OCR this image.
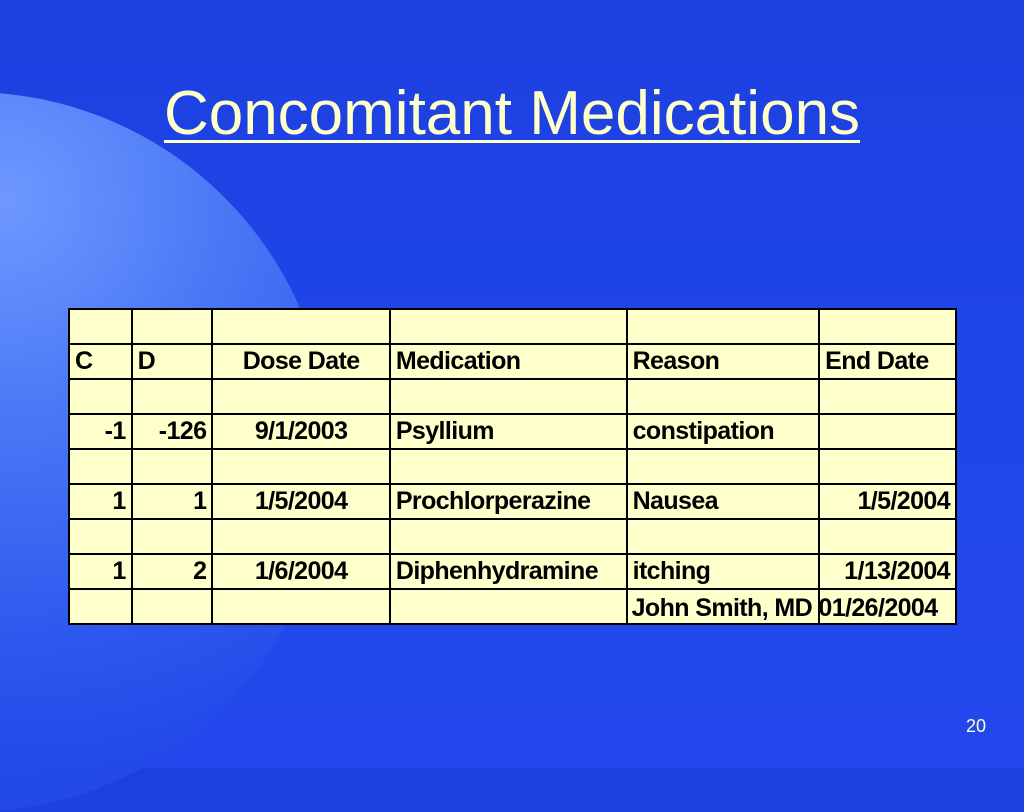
Concomitant Medications

C	D	Dose Date	Medication	Reason	End Date

-1	-126	9/1/2003	Psyllium	constipation	

1	1	1/5/2004	Prochlorperazine	Nausea	1/5/2004

1	2	1/6/2004	Diphenhydramine	itching	1/13/2004

				John Smith, MD 01/26/2004	

20
